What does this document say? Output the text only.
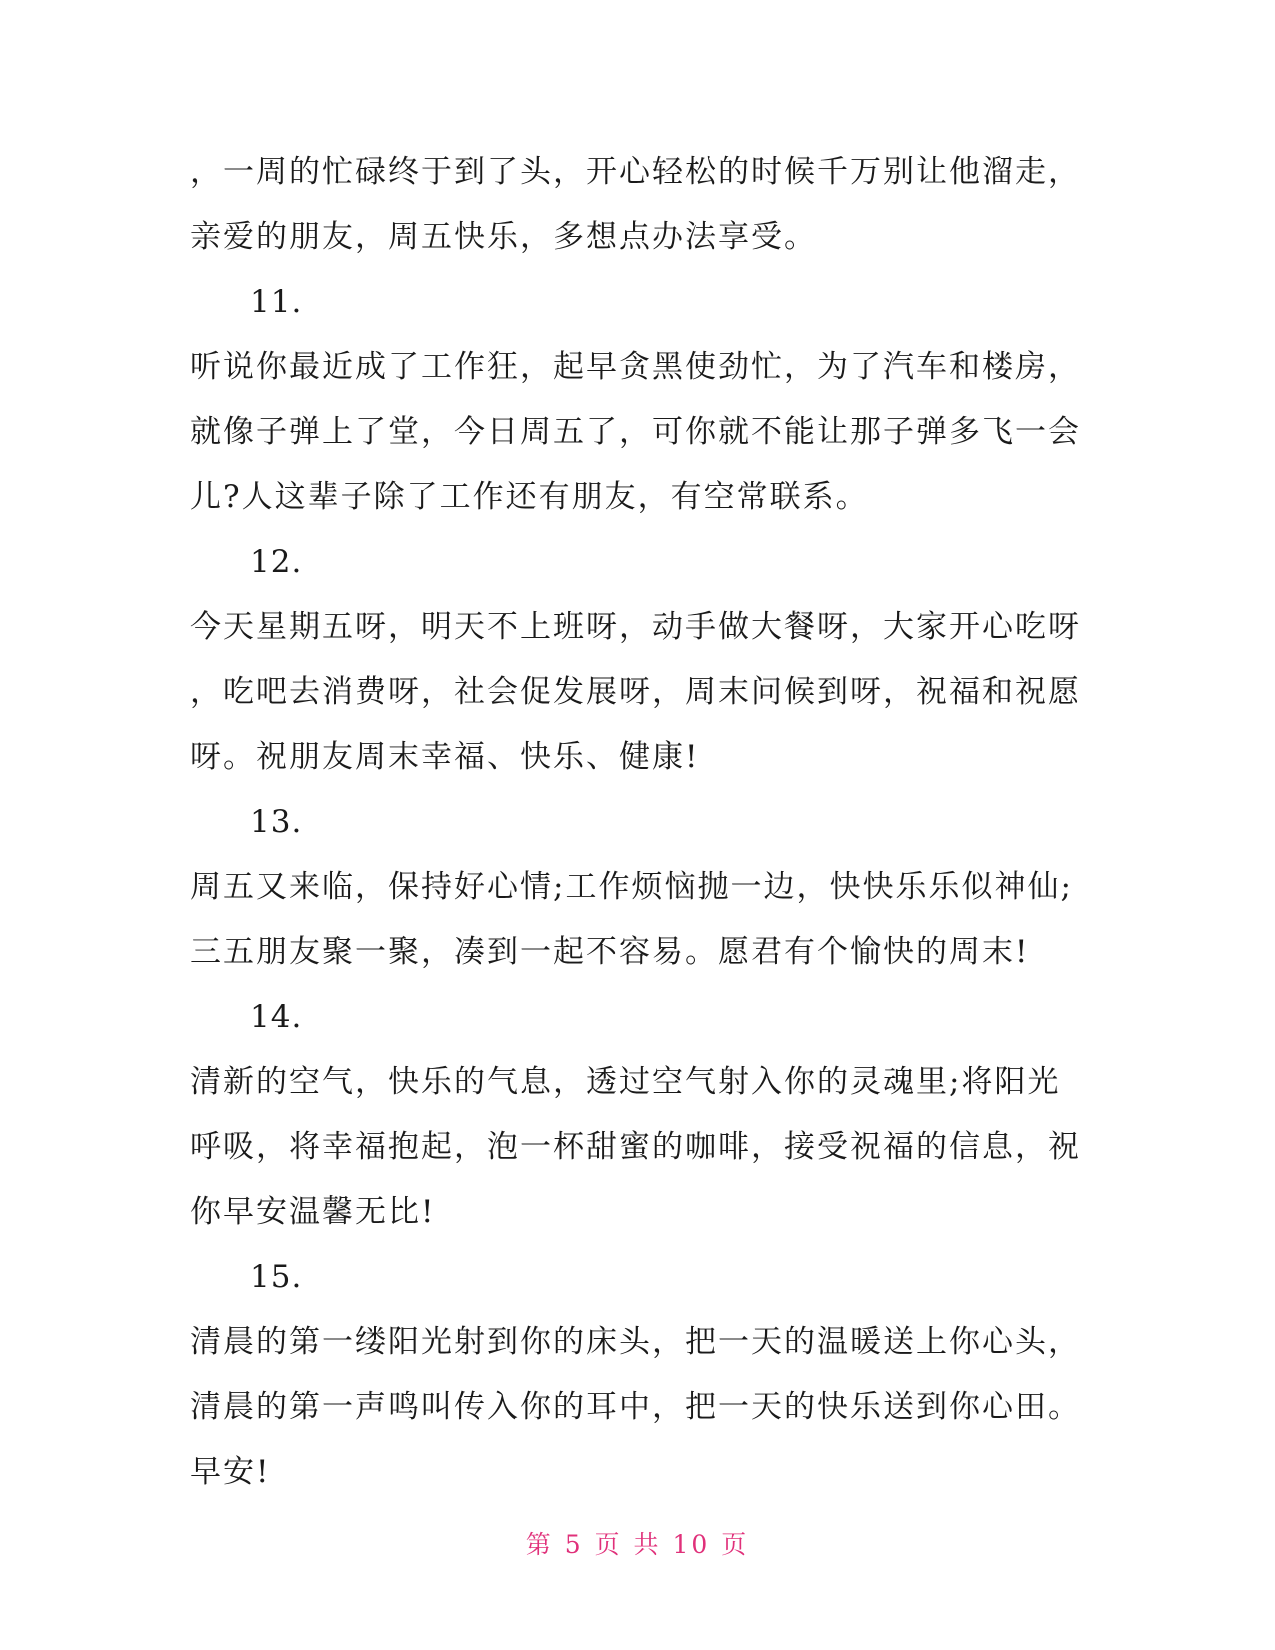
，一周的忙碌终于到了头，开心轻松的时候千万别让他溜走，

亲爱的朋友，周五快乐，多想点办法享受。

11.

听说你最近成了工作狂，起早贪黑使劲忙，为了汽车和楼房，

就像子弹上了堂，今日周五了，可你就不能让那子弹多飞一会

儿?人这辈子除了工作还有朋友，有空常联系。

12.

今天星期五呀，明天不上班呀，动手做大餐呀，大家开心吃呀

，吃吧去消费呀，社会促发展呀，周末问候到呀，祝福和祝愿

呀。祝朋友周末幸福、快乐、健康!

13.

周五又来临，保持好心情;工作烦恼抛一边，快快乐乐似神仙;

三五朋友聚一聚，凑到一起不容易。愿君有个愉快的周末!

14.

清新的空气，快乐的气息，透过空气射入你的灵魂里;将阳光

呼吸，将幸福抱起，泡一杯甜蜜的咖啡，接受祝福的信息，祝

你早安温馨无比!

15.

清晨的第一缕阳光射到你的床头，把一天的温暖送上你心头，

清晨的第一声鸣叫传入你的耳中，把一天的快乐送到你心田。

早安!

第 5 页 共 10 页
